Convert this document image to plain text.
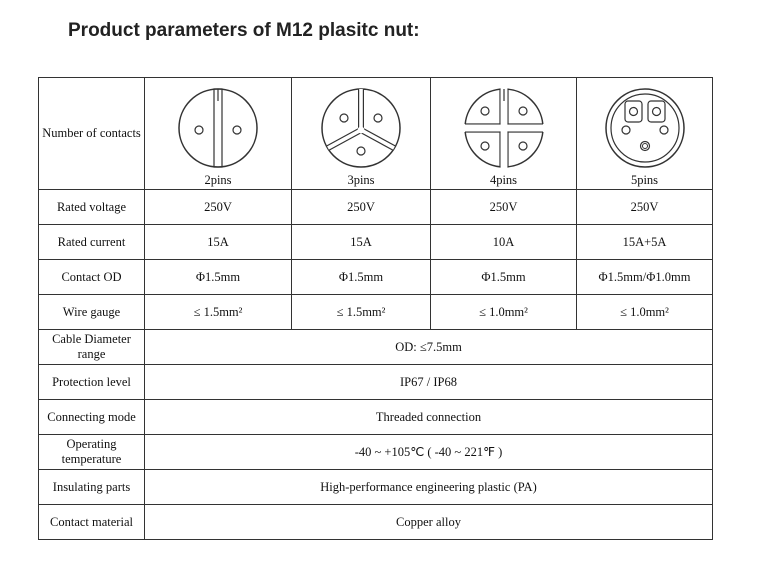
Product parameters of M12 plasitc nut:
Number of contacts	2pins	3pins	4pins	5pins

Rated voltage	250V	250V	250V	250V
Rated current	15A	15A	10A	15A+5A
Contact OD	Φ1.5mm	Φ1.5mm	Φ1.5mm	Φ1.5mm/Φ1.0mm
Wire gauge	≤ 1.5mm²	≤ 1.5mm²	≤ 1.0mm²	≤ 1.0mm²
Cable Diameter range	OD: ≤7.5mm			
Protection level	IP67 / IP68			
Connecting mode	Threaded connection			
Operating temperature	-40 ~ +105℃ ( -40 ~ 221℉ )			
Insulating parts	High-performance engineering plastic (PA)			
Contact material	Copper alloy			
